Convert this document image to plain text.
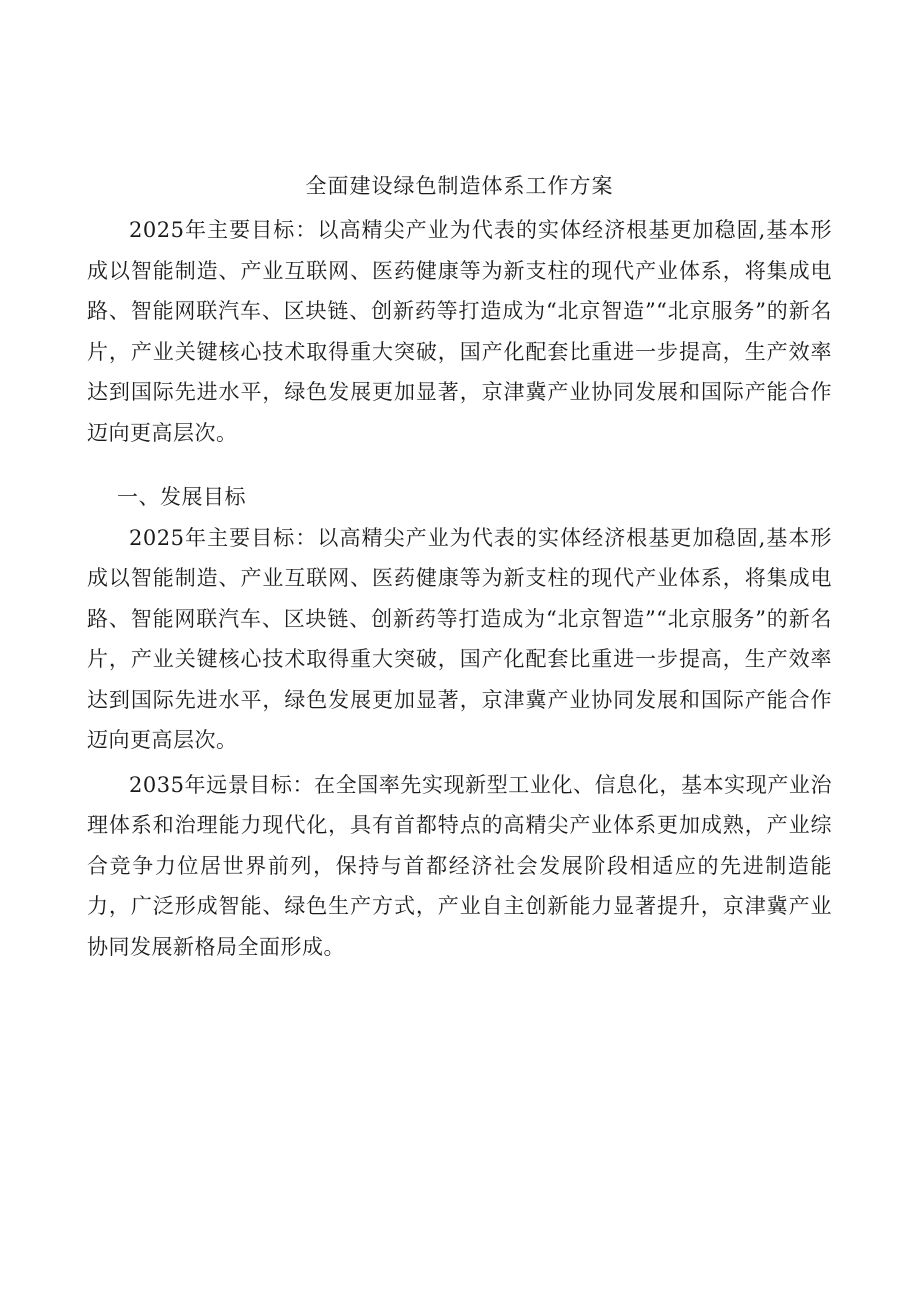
全面建设绿色制造体系工作方案

2025年主要目标：以高精尖产业为代表的实体经济根基更加稳固,基本形成以智能制造、产业互联网、医药健康等为新支柱的现代产业体系，将集成电路、智能网联汽车、区块链、创新药等打造成为“北京智造”“北京服务”的新名片，产业关键核心技术取得重大突破，国产化配套比重进一步提高，生产效率达到国际先进水平，绿色发展更加显著，京津冀产业协同发展和国际产能合作迈向更高层次。

一、发展目标

2025年主要目标：以高精尖产业为代表的实体经济根基更加稳固,基本形成以智能制造、产业互联网、医药健康等为新支柱的现代产业体系，将集成电路、智能网联汽车、区块链、创新药等打造成为“北京智造”“北京服务”的新名片，产业关键核心技术取得重大突破，国产化配套比重进一步提高，生产效率达到国际先进水平，绿色发展更加显著，京津冀产业协同发展和国际产能合作迈向更高层次。

2035年远景目标：在全国率先实现新型工业化、信息化，基本实现产业治理体系和治理能力现代化，具有首都特点的高精尖产业体系更加成熟，产业综合竞争力位居世界前列，保持与首都经济社会发展阶段相适应的先进制造能力，广泛形成智能、绿色生产方式，产业自主创新能力显著提升，京津冀产业协同发展新格局全面形成。
